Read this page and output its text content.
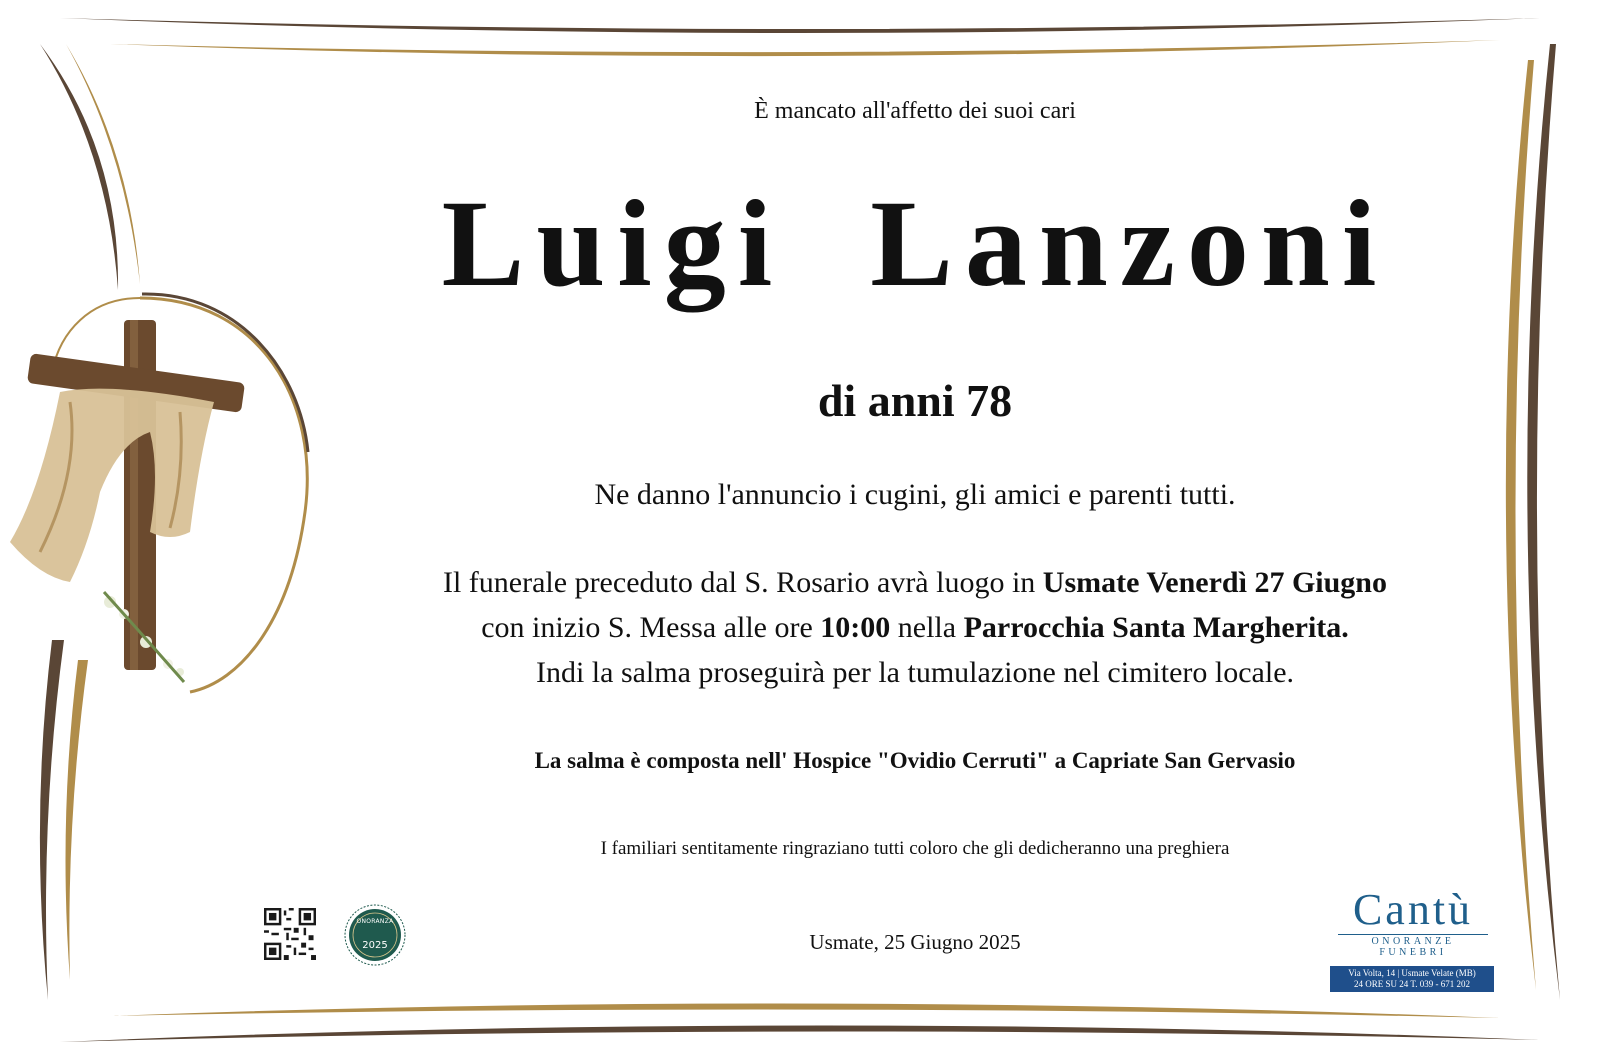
È mancato all'affetto dei suoi cari
Luigi  Lanzoni
di anni 78
Ne danno l'annuncio i cugini, gli amici e parenti tutti.
Il funerale preceduto dal S. Rosario avrà luogo in Usmate Venerdì 27 Giugno
con inizio S. Messa alle ore 10:00 nella Parrocchia Santa Margherita.
Indi la salma proseguirà per la tumulazione nel cimitero locale.
La salma è composta nell' Hospice "Ovidio Cerruti" a Capriate San Gervasio
I familiari sentitamente ringraziano tutti coloro che gli dedicheranno una preghiera
Usmate, 25 Giugno 2025
ONORANZA
2025
Cantù
ONORANZE FUNEBRI
Via Volta, 14 | Usmate Velate (MB)
24 ORE SU 24 T. 039 - 671 202
